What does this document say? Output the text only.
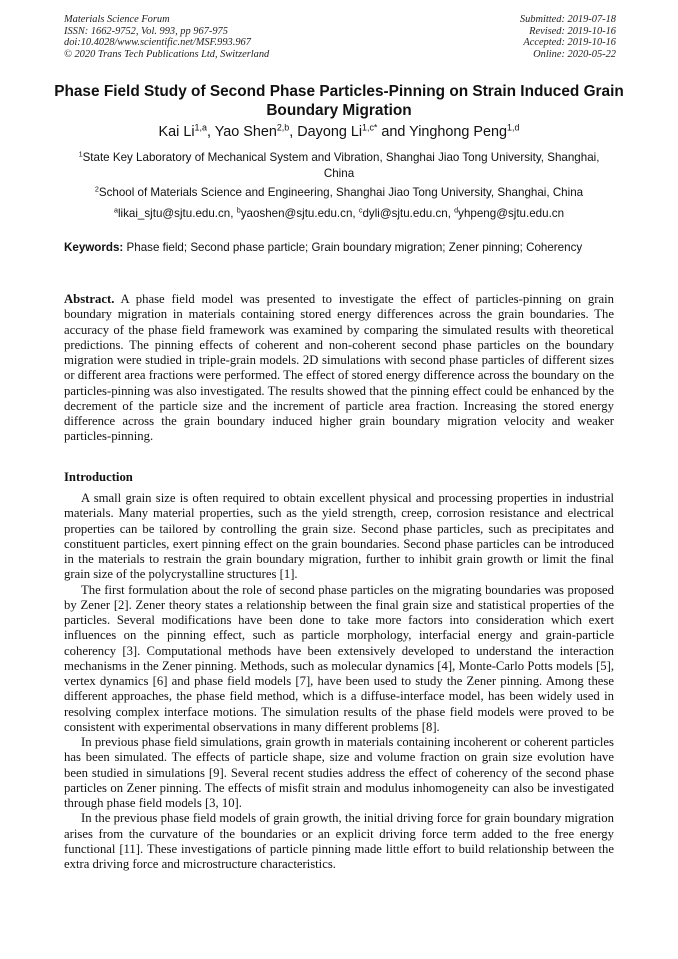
Materials Science Forum
ISSN: 1662-9752, Vol. 993, pp 967-975
doi:10.4028/www.scientific.net/MSF.993.967
© 2020 Trans Tech Publications Ltd, Switzerland
Submitted: 2019-07-18
Revised: 2019-10-16
Accepted: 2019-10-16
Online: 2020-05-22
Phase Field Study of Second Phase Particles-Pinning on Strain Induced Grain Boundary Migration
Kai Li$^{1,a}$, Yao Shen$^{2,b}$, Dayong $Li^{1,c*}$ and Yinghong Peng$^{1,d}$
$^1$State Key Laboratory of Mechanical System and Vibration, Shanghai Jiao Tong University, Shanghai, China
$^2$School of Materials Science and Engineering, Shanghai Jiao Tong University, Shanghai, China
$^a$likai_sjtu@sjtu.edu.cn, $^b$yaoshen@sjtu.edu.cn, $^c$dyli@sjtu.edu.cn, $^d$yhpeng@sjtu.edu.cn
Keywords: Phase field; Second phase particle; Grain boundary migration; Zener pinning; Coherency
Abstract. A phase field model was presented to investigate the effect of particles-pinning on grain boundary migration in materials containing stored energy differences across the grain boundaries. The accuracy of the phase field framework was examined by comparing the simulated results with theoretical predictions. The pinning effects of coherent and non-coherent second phase particles on the boundary migration were studied in triple-grain models. 2D simulations with second phase particles of different sizes or different area fractions were performed. The effect of stored energy difference across the boundary on the particles-pinning was also investigated. The results showed that the pinning effect could be enhanced by the decrement of the particle size and the increment of particle area fraction. Increasing the stored energy difference across the grain boundary induced higher grain boundary migration velocity and weaker particles-pinning.
Introduction

A small grain size is often required to obtain excellent physical and processing properties in industrial materials. Many material properties, such as the yield strength, creep, corrosion resistance and electrical properties can be tailored by controlling the grain size. Second phase particles, such as precipitates and constituent particles, exert pinning effect on the grain boundaries. Second phase particles can be introduced in the materials to restrain the grain boundary migration, further to inhibit grain growth or limit the final grain size of the polycrystalline structures [1].

The first formulation about the role of second phase particles on the migrating boundaries was proposed by Zener [2]. Zener theory states a relationship between the final grain size and statistical properties of the particles. Several modifications have been done to take more factors into consideration which exert influences on the pinning effect, such as particle morphology, interfacial energy and grain-particle coherency [3]. Computational methods have been extensively developed to understand the interaction mechanisms in the Zener pinning. Methods, such as molecular dynamics [4], Monte-Carlo Potts models [5], vertex dynamics [6] and phase field models [7], have been used to study the Zener pinning. Among these different approaches, the phase field method, which is a diffuse-interface model, has been widely used in resolving complex interface motions. The simulation results of the phase field models were proved to be consistent with experimental observations in many different problems [8].

In previous phase field simulations, grain growth in materials containing incoherent or coherent particles has been simulated. The effects of particle shape, size and volume fraction on grain size evolution have been studied in simulations [9]. Several recent studies address the effect of coherency of the second phase particles on Zener pinning. The effects of misfit strain and modulus inhomogeneity can also be investigated through phase field models [3, 10].

In the previous phase field models of grain growth, the initial driving force for grain boundary migration arises from the curvature of the boundaries or an explicit driving force term added to the free energy functional [11]. These investigations of particle pinning made little effort to build relationship between the extra driving force and microstructure characteristics.
